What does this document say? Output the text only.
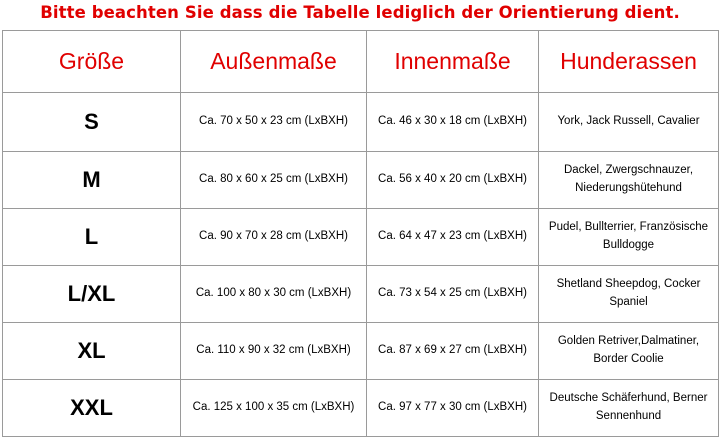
Bitte beachten Sie dass die Tabelle lediglich der Orientierung dient.
Größe	Außenmaße	Innenmaße	Hunderassen
S	Ca. 70 x 50 x 23 cm (LxBXH)	Ca. 46 x 30 x 18 cm (LxBXH)	York, Jack Russell, Cavalier
M	Ca. 80 x 60 x 25 cm (LxBXH)	Ca. 56 x 40 x 20 cm (LxBXH)	Dackel, Zwergschnauzer,
Niederungshütehund
L	Ca. 90 x 70 x 28 cm (LxBXH)	Ca. 64 x 47 x 23 cm (LxBXH)	Pudel, Bullterrier, Französische
Bulldogge
L/XL	Ca. 100 x 80 x 30 cm (LxBXH)	Ca. 73 x 54 x 25 cm (LxBXH)	Shetland Sheepdog, Cocker
Spaniel
XL	Ca. 110 x 90 x 32 cm (LxBXH)	Ca. 87 x 69 x 27 cm (LxBXH)	Golden Retriver,Dalmatiner,
Border Coolie
XXL	Ca. 125 x 100 x 35 cm (LxBXH)	Ca. 97 x 77 x 30 cm (LxBXH)	Deutsche Schäferhund, Berner
Sennenhund
